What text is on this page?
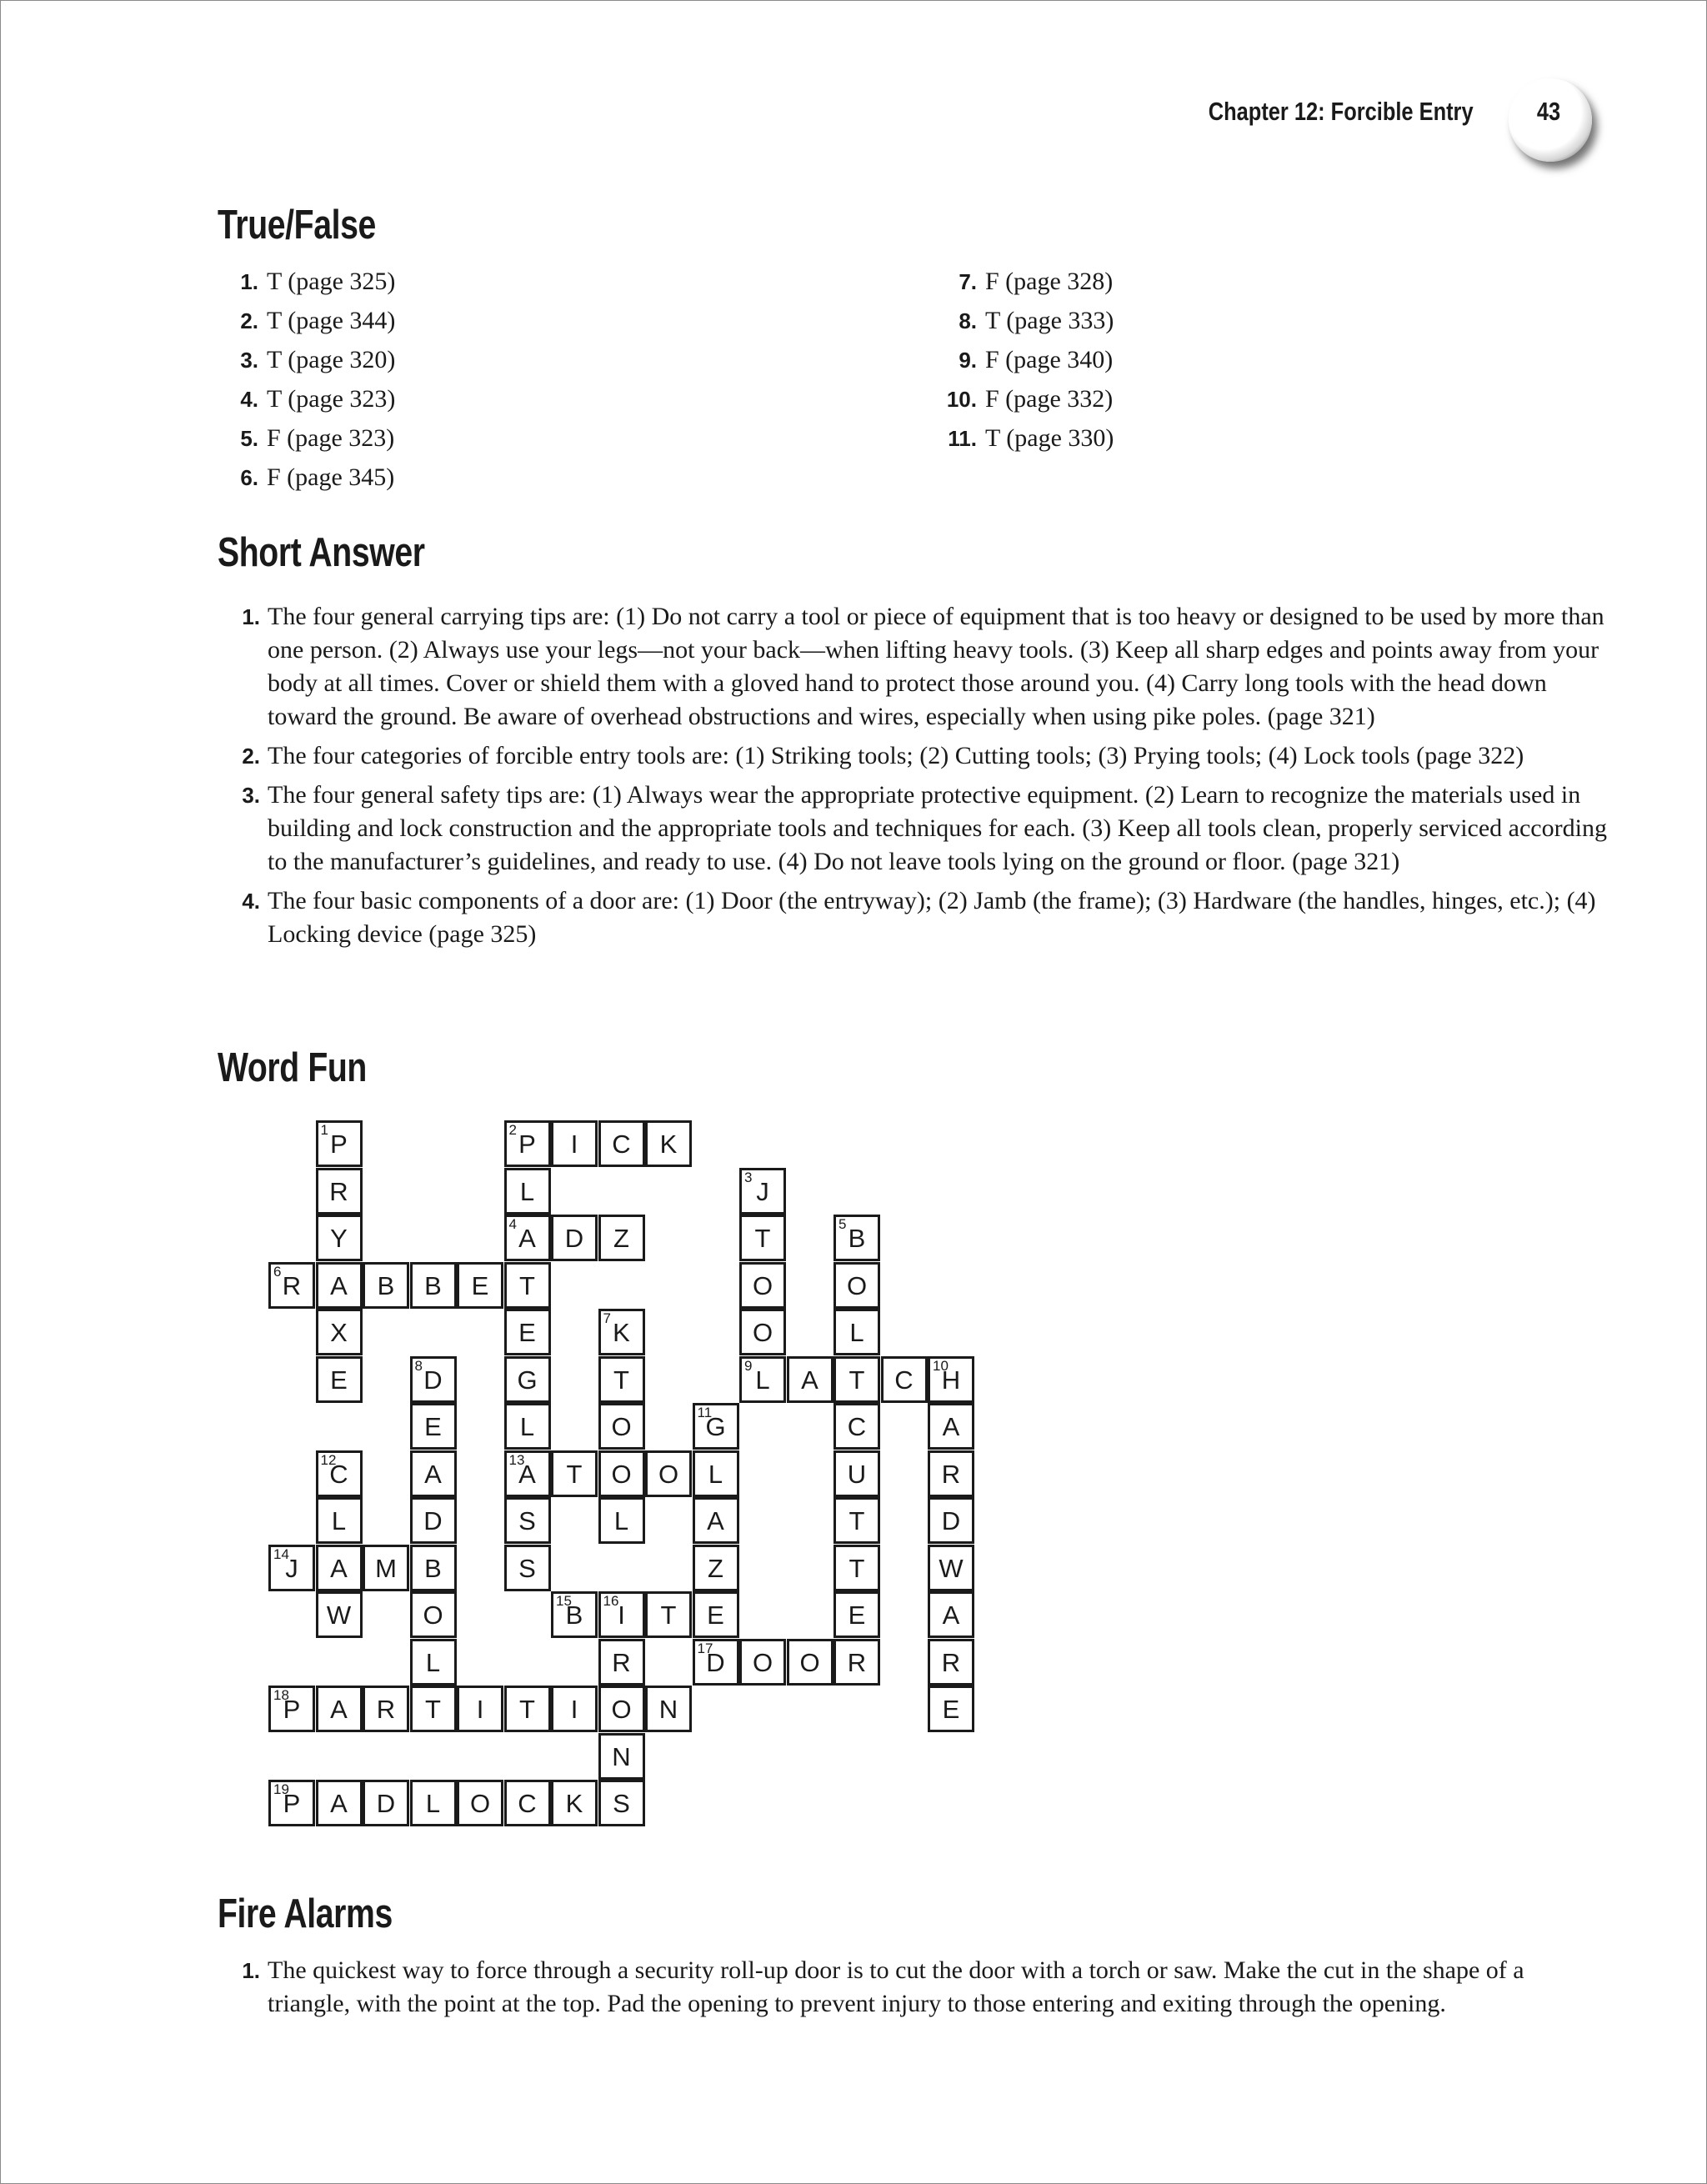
Chapter 12: Forcible Entry 43
True/False
1. T (page 325)
2. T (page 344)
3. T (page 320)
4. T (page 323)
5. F (page 323)
6. F (page 345)
7. F (page 328)
8. T (page 333)
9. F (page 340)
10. F (page 332)
11. T (page 330)
Short Answer
1. The four general carrying tips are: (1) Do not carry a tool or piece of equipment that is too heavy or designed to be used by more than one person. (2) Always use your legs—not your back—when lifting heavy tools. (3) Keep all sharp edges and points away from your body at all times. Cover or shield them with a gloved hand to protect those around you. (4) Carry long tools with the head down toward the ground. Be aware of overhead obstructions and wires, especially when using pike poles. (page 321)
2. The four categories of forcible entry tools are: (1) Striking tools; (2) Cutting tools; (3) Prying tools; (4) Lock tools (page 322)
3. The four general safety tips are: (1) Always wear the appropriate protective equipment. (2) Learn to recognize the materials used in building and lock construction and the appropriate tools and techniques for each. (3) Keep all tools clean, properly serviced according to the manufacturer’s guidelines, and ready to use. (4) Do not leave tools lying on the ground or floor. (page 321)
4. The four basic components of a door are: (1) Door (the entryway); (2) Jamb (the frame); (3) Hardware (the handles, hinges, etc.); (4) Locking device (page 325)
Word Fun
1 P
R
Y
A
X
E
2 P	I	C	K
L
4 A
T
E
G
L
13
A
S
S
3 J
T
O
O
9 L
D	Z	5 B
O
L
T
C
U
T
T
E
R
6 R	B	B	E
7 K
T
O
O
L
8 D
E
A
D
B
O
L
T
A	C	10
H
A
R
D
W
A
R
E
11
G
L
A
Z
E
12
C
L
A
W
T	O
14
J	M
15
B	16
I	T
R
O
N
S
17
D	O	O
18
P	A	R	I	T	I	N
19
P	A	D	L	O	C	K
Fire Alarms
1. The quickest way to force through a security roll-up door is to cut the door with a torch or saw. Make the cut in the shape of a triangle, with the point at the top. Pad the opening to prevent injury to those entering and exiting through the opening.
